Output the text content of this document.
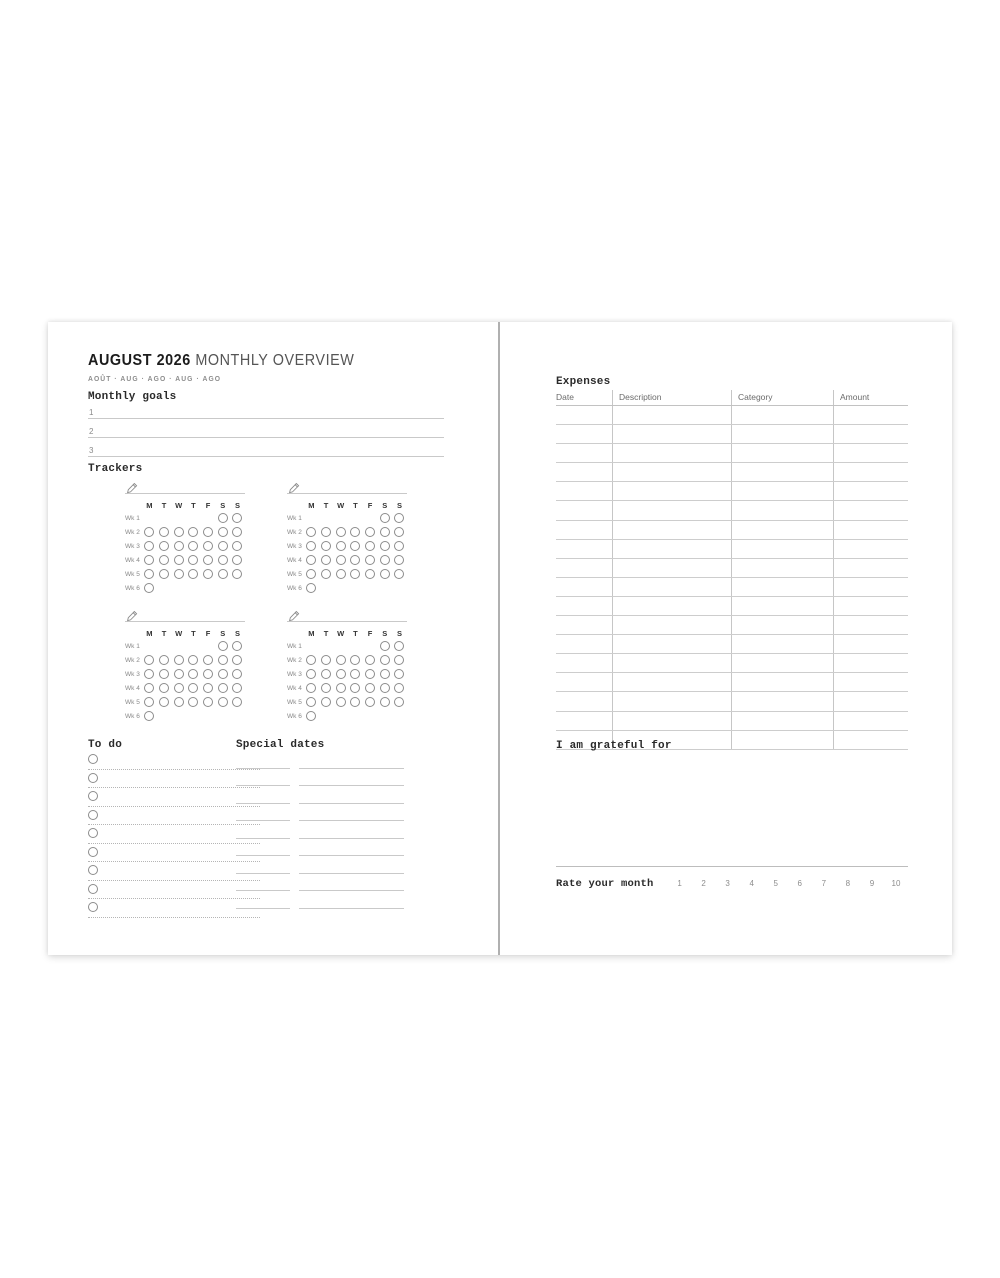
AUGUST 2026 MONTHLY OVERVIEW
AOÛT · AUG · AGO · AUG · AGO
Monthly goals
1
2
3
Trackers
M	T	W	T	F	S	S
Wk 1
Wk 2
Wk 3
Wk 4
Wk 5
Wk 6
M	T	W	T	F	S	S
Wk 1
Wk 2
Wk 3
Wk 4
Wk 5
Wk 6
M	T	W	T	F	S	S
Wk 1
Wk 2
Wk 3
Wk 4
Wk 5
Wk 6
M	T	W	T	F	S	S
Wk 1
Wk 2
Wk 3
Wk 4
Wk 5
Wk 6
To do	Special dates
Expenses
Date	Description	Category	Amount
I am grateful for
Rate your month	1	2	3	4	5	6	7	8	9	10
